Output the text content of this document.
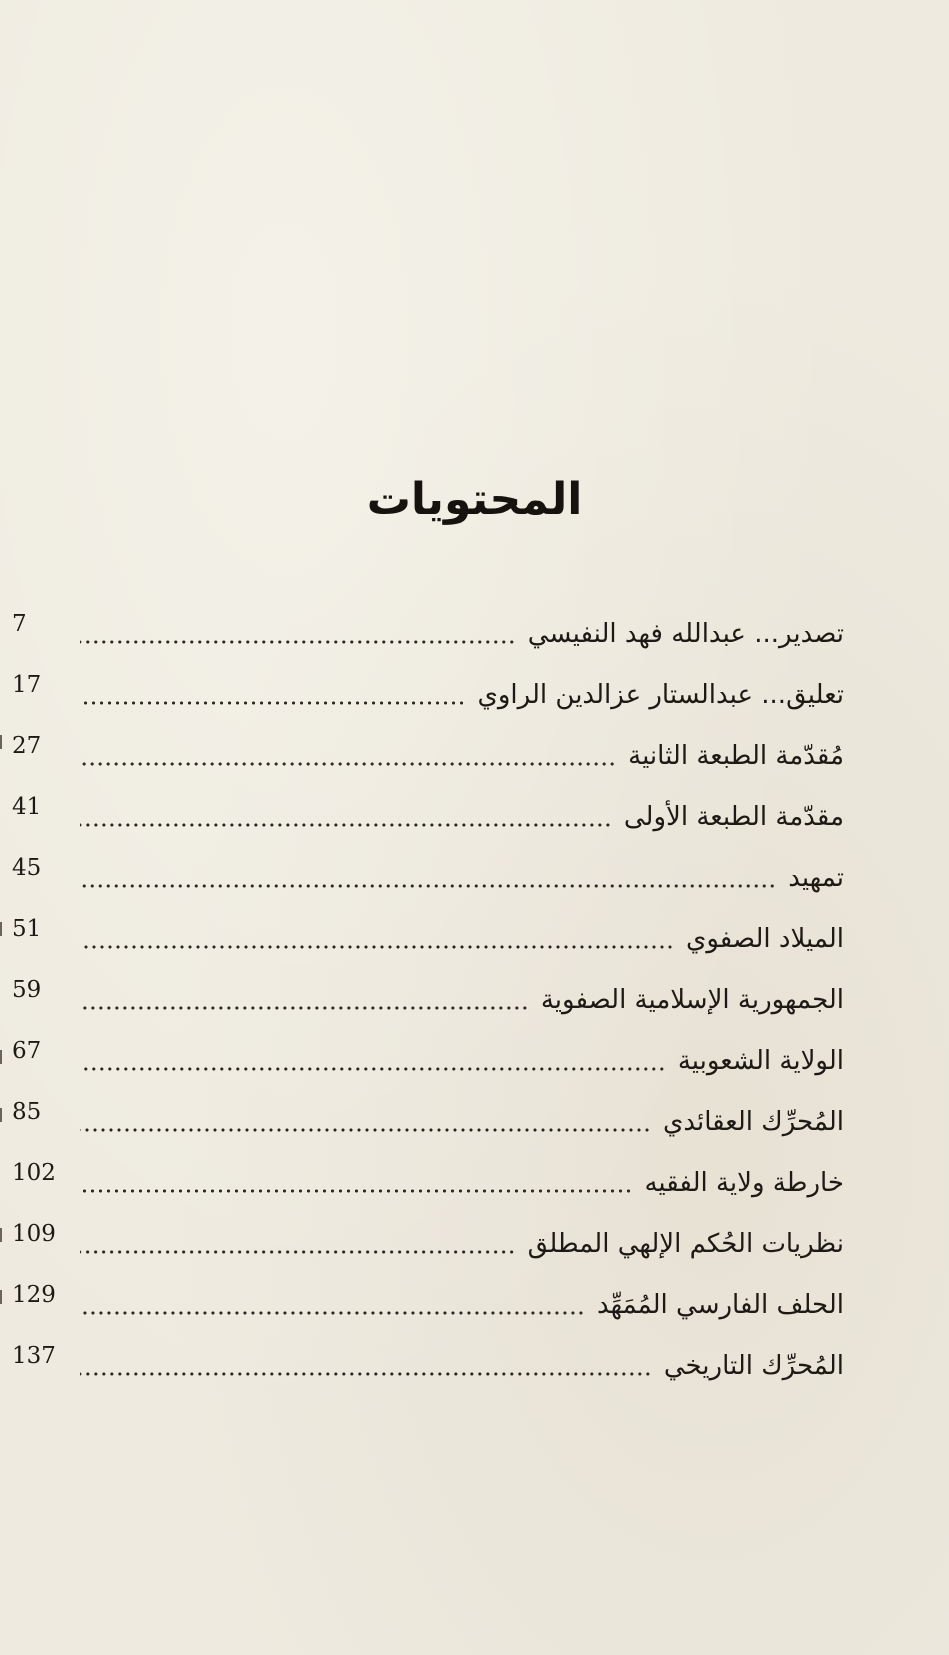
المحتويات
تصدير... عبدالله فهد النفيسي
7
تعليق... عبدالستار عزالدين الراوي
17
مُقدّمة الطبعة الثانية
27
مقدّمة الطبعة الأولى
41
تمهيد
45
الميلاد الصفوي
51
الجمهورية الإسلامية الصفوية
59
الولاية الشعوبية
67
المُحرِّك العقائدي
85
خارطة ولاية الفقيه
102
نظريات الحُكم الإلهي المطلق
109
الحلف الفارسي المُمَهِّد
129
المُحرِّك التاريخي
137
